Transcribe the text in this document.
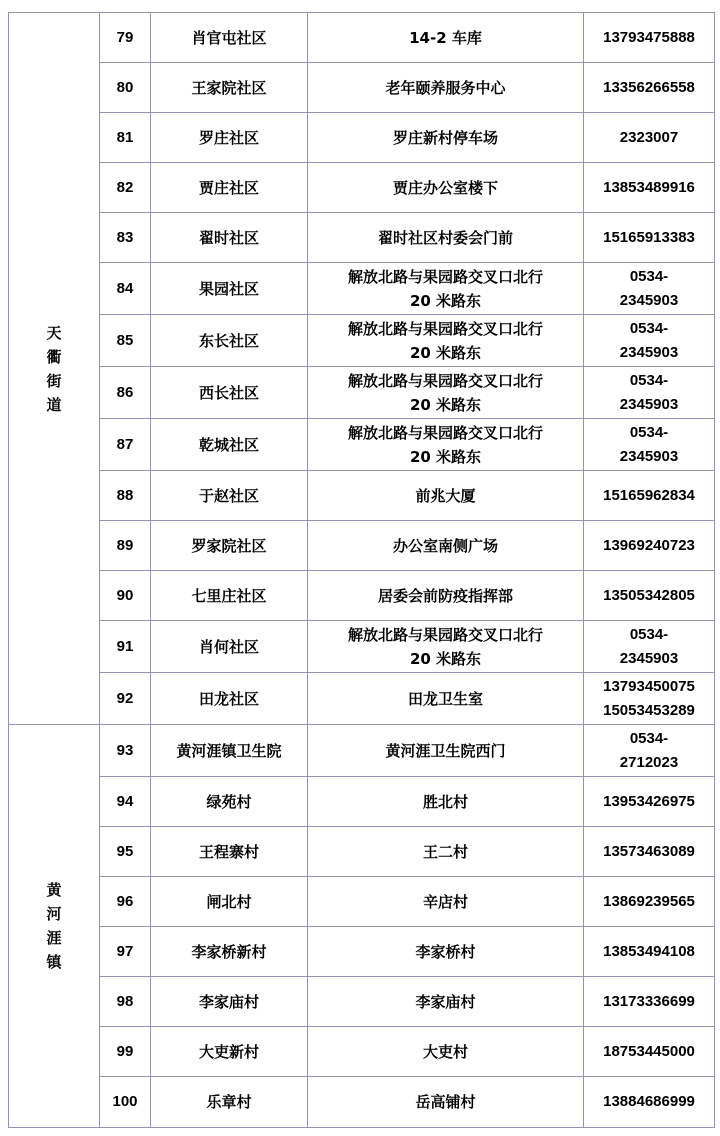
天衢街道	79	肖官屯社区	14-2 车库	13793475888

	80	王家院社区	老年颐养服务中心	13356266558

	81	罗庄社区	罗庄新村停车场	2323007

	82	贾庄社区	贾庄办公室楼下	13853489916

	83	翟时社区	翟时社区村委会门前	15165913383

	84	果园社区	解放北路与果园路交叉口北行
20 米路东	0534-
2345903

	85	东长社区	解放北路与果园路交叉口北行
20 米路东	0534-
2345903

	86	西长社区	解放北路与果园路交叉口北行
20 米路东	0534-
2345903

	87	乾城社区	解放北路与果园路交叉口北行
20 米路东	0534-
2345903

	88	于赵社区	前兆大厦	15165962834

	89	罗家院社区	办公室南侧广场	13969240723

	90	七里庄社区	居委会前防疫指挥部	13505342805

	91	肖何社区	解放北路与果园路交叉口北行
20 米路东	0534-
2345903

	92	田龙社区	田龙卫生室	13793450075
15053453289

黄河涯镇	93	黄河涯镇卫生院	黄河涯卫生院西门	0534-
2712023

	94	绿苑村	胜北村	13953426975

	95	王程寨村	王二村	13573463089

	96	闸北村	辛店村	13869239565

	97	李家桥新村	李家桥村	13853494108

	98	李家庙村	李家庙村	13173336699

	99	大吏新村	大吏村	18753445000

	100	乐章村	岳高铺村	13884686999
